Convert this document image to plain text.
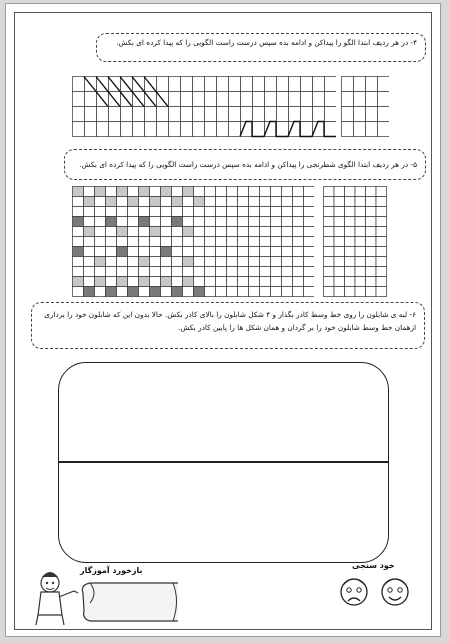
۴- در هر ردیف ابتدا الگو را پیداکن و ادامه بده سپس درست راست الگویی را که پیدا کرده ای بکش.
۵- در هر ردیف ابتدا الگوی شطرنجی را پیداکن و ادامه بده سپس درست راست الگویی را که پیدا کرده ای بکش.
۶- لبه ی شابلون را روی خط وسط کادر بگذار و ۴ شکل شابلون را بالای کادر بکش. حالا بدون این که شابلون خود را برداری ازهمان خط وسط شابلون خود را بر گردان و همان شکل ها را پایین کادر بکش.
بازخورد آموزگار
خود سنجی
